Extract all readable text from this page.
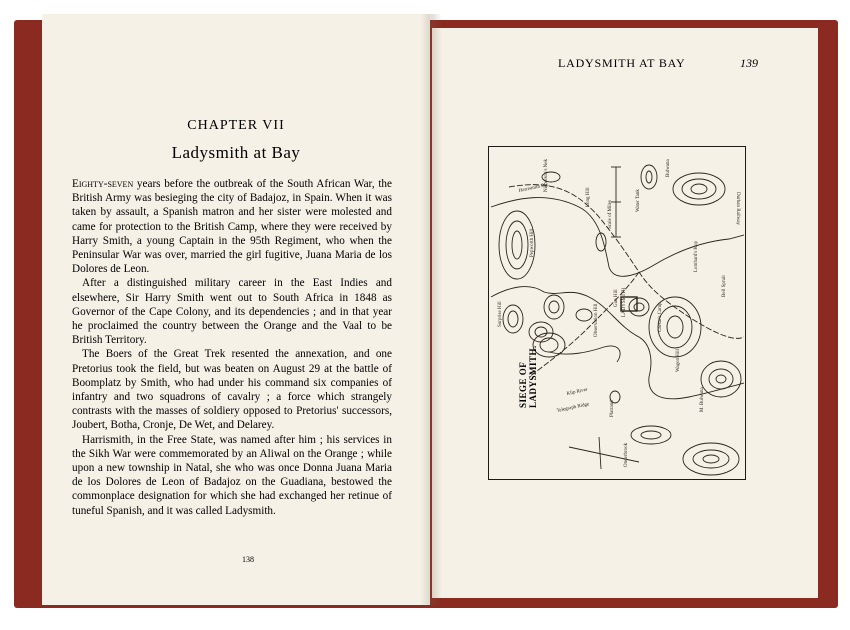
CHAPTER VII
Ladysmith at Bay

Eighty-seven years before the outbreak of the South African War, the British Army was besieging the city of Badajoz, in Spain. When it was taken by assault, a Spanish matron and her sister were molested and came for protection to the British Camp, where they were received by Harry Smith, a young Captain in the 95th Regiment, who when the Peninsular War was over, married the girl fugitive, Juana Maria de los Dolores de Leon.

After a distinguished military career in the East Indies and elsewhere, Sir Harry Smith went out to South Africa in 1848 as Governor of the Cape Colony, and its dependencies ; and in that year he proclaimed the country between the Orange and the Vaal to be British Territory.

The Boers of the Great Trek resented the annexation, and one Pretorius took the field, but was beaten on August 29 at the battle of Boomplatz by Smith, who had under his command six companies of infantry and two squadrons of cavalry ; a force which strangely contrasts with the masses of soldiery opposed to Pretorius' successors, Joubert, Botha, Cronje, De Wet, and Delarey.

Harrismith, in the Free State, was named after him ; his services in the Sikh War were commemorated by an Aliwal on the Orange ; while upon a new township in Natal, she who was once Donna Juana Maria de los Dolores de Leon of Badajoz on the Guadiana, bestowed the commonplace designation for which she had exchanged her retinue of tuneful Spanish, and it was called Ladysmith.

138
LADYSMITH AT BAY	139
LADYSMITH
Klip River
Scale of Miles	Water Tank
Bulwana
Caesar's Camp
Wagon Hill
Lombard's Kop
Pepworth Hill
Surprise Hill	Observation Hill
Gun Hill
Telegraph Ridge	Platrand
Nicholson's Nek
Bell Spruit
M. Bulwana
Harrismith Rly.
Durban Railway
Long Hill
Onderbrook
SIEGE OF LADYSMITH.
